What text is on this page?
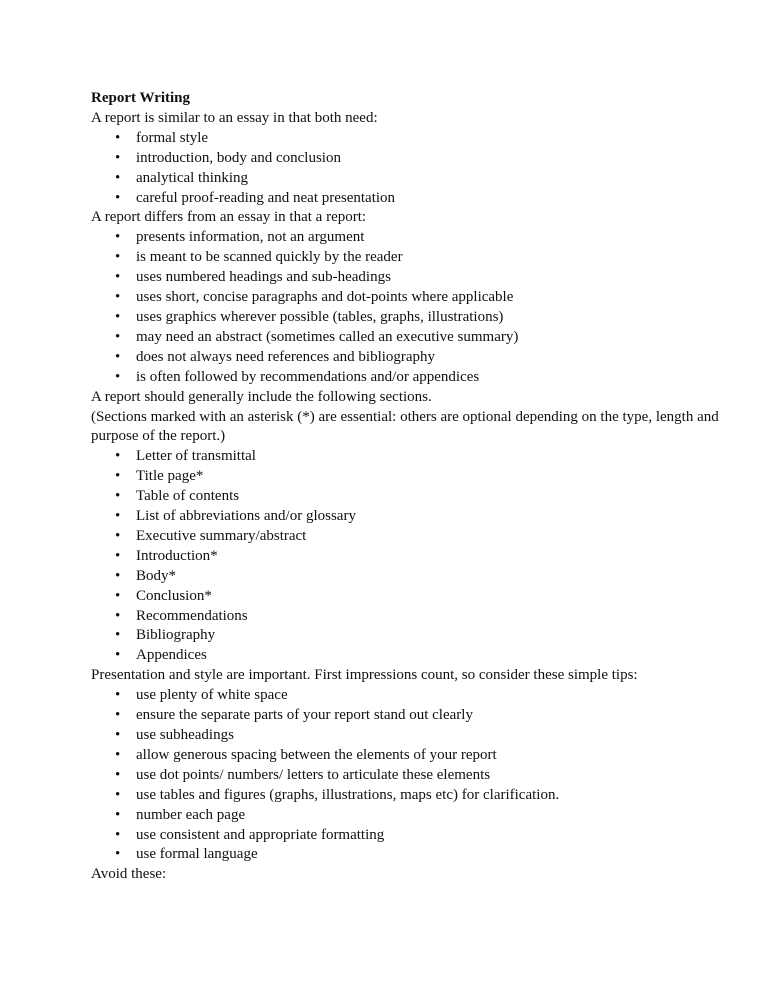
Report Writing

A report is similar to an essay in that both need:

• formal style
• introduction, body and conclusion
• analytical thinking
• careful proof-reading and neat presentation

A report differs from an essay in that a report:

• presents information, not an argument
• is meant to be scanned quickly by the reader
• uses numbered headings and sub-headings
• uses short, concise paragraphs and dot-points where applicable
• uses graphics wherever possible (tables, graphs, illustrations)
• may need an abstract (sometimes called an executive summary)
• does not always need references and bibliography
• is often followed by recommendations and/or appendices

A report should generally include the following sections.

(Sections marked with an asterisk (*) are essential: others are optional depending on the type, length and purpose of the report.)

• Letter of transmittal
• Title page*
• Table of contents
• List of abbreviations and/or glossary
• Executive summary/abstract
• Introduction*
• Body*
• Conclusion*
• Recommendations
• Bibliography
• Appendices

Presentation and style are important. First impressions count, so consider these simple tips:

• use plenty of white space
• ensure the separate parts of your report stand out clearly
• use subheadings
• allow generous spacing between the elements of your report
• use dot points/ numbers/ letters to articulate these elements
• use tables and figures (graphs, illustrations, maps etc) for clarification.
• number each page
• use consistent and appropriate formatting
• use formal language

Avoid these:
